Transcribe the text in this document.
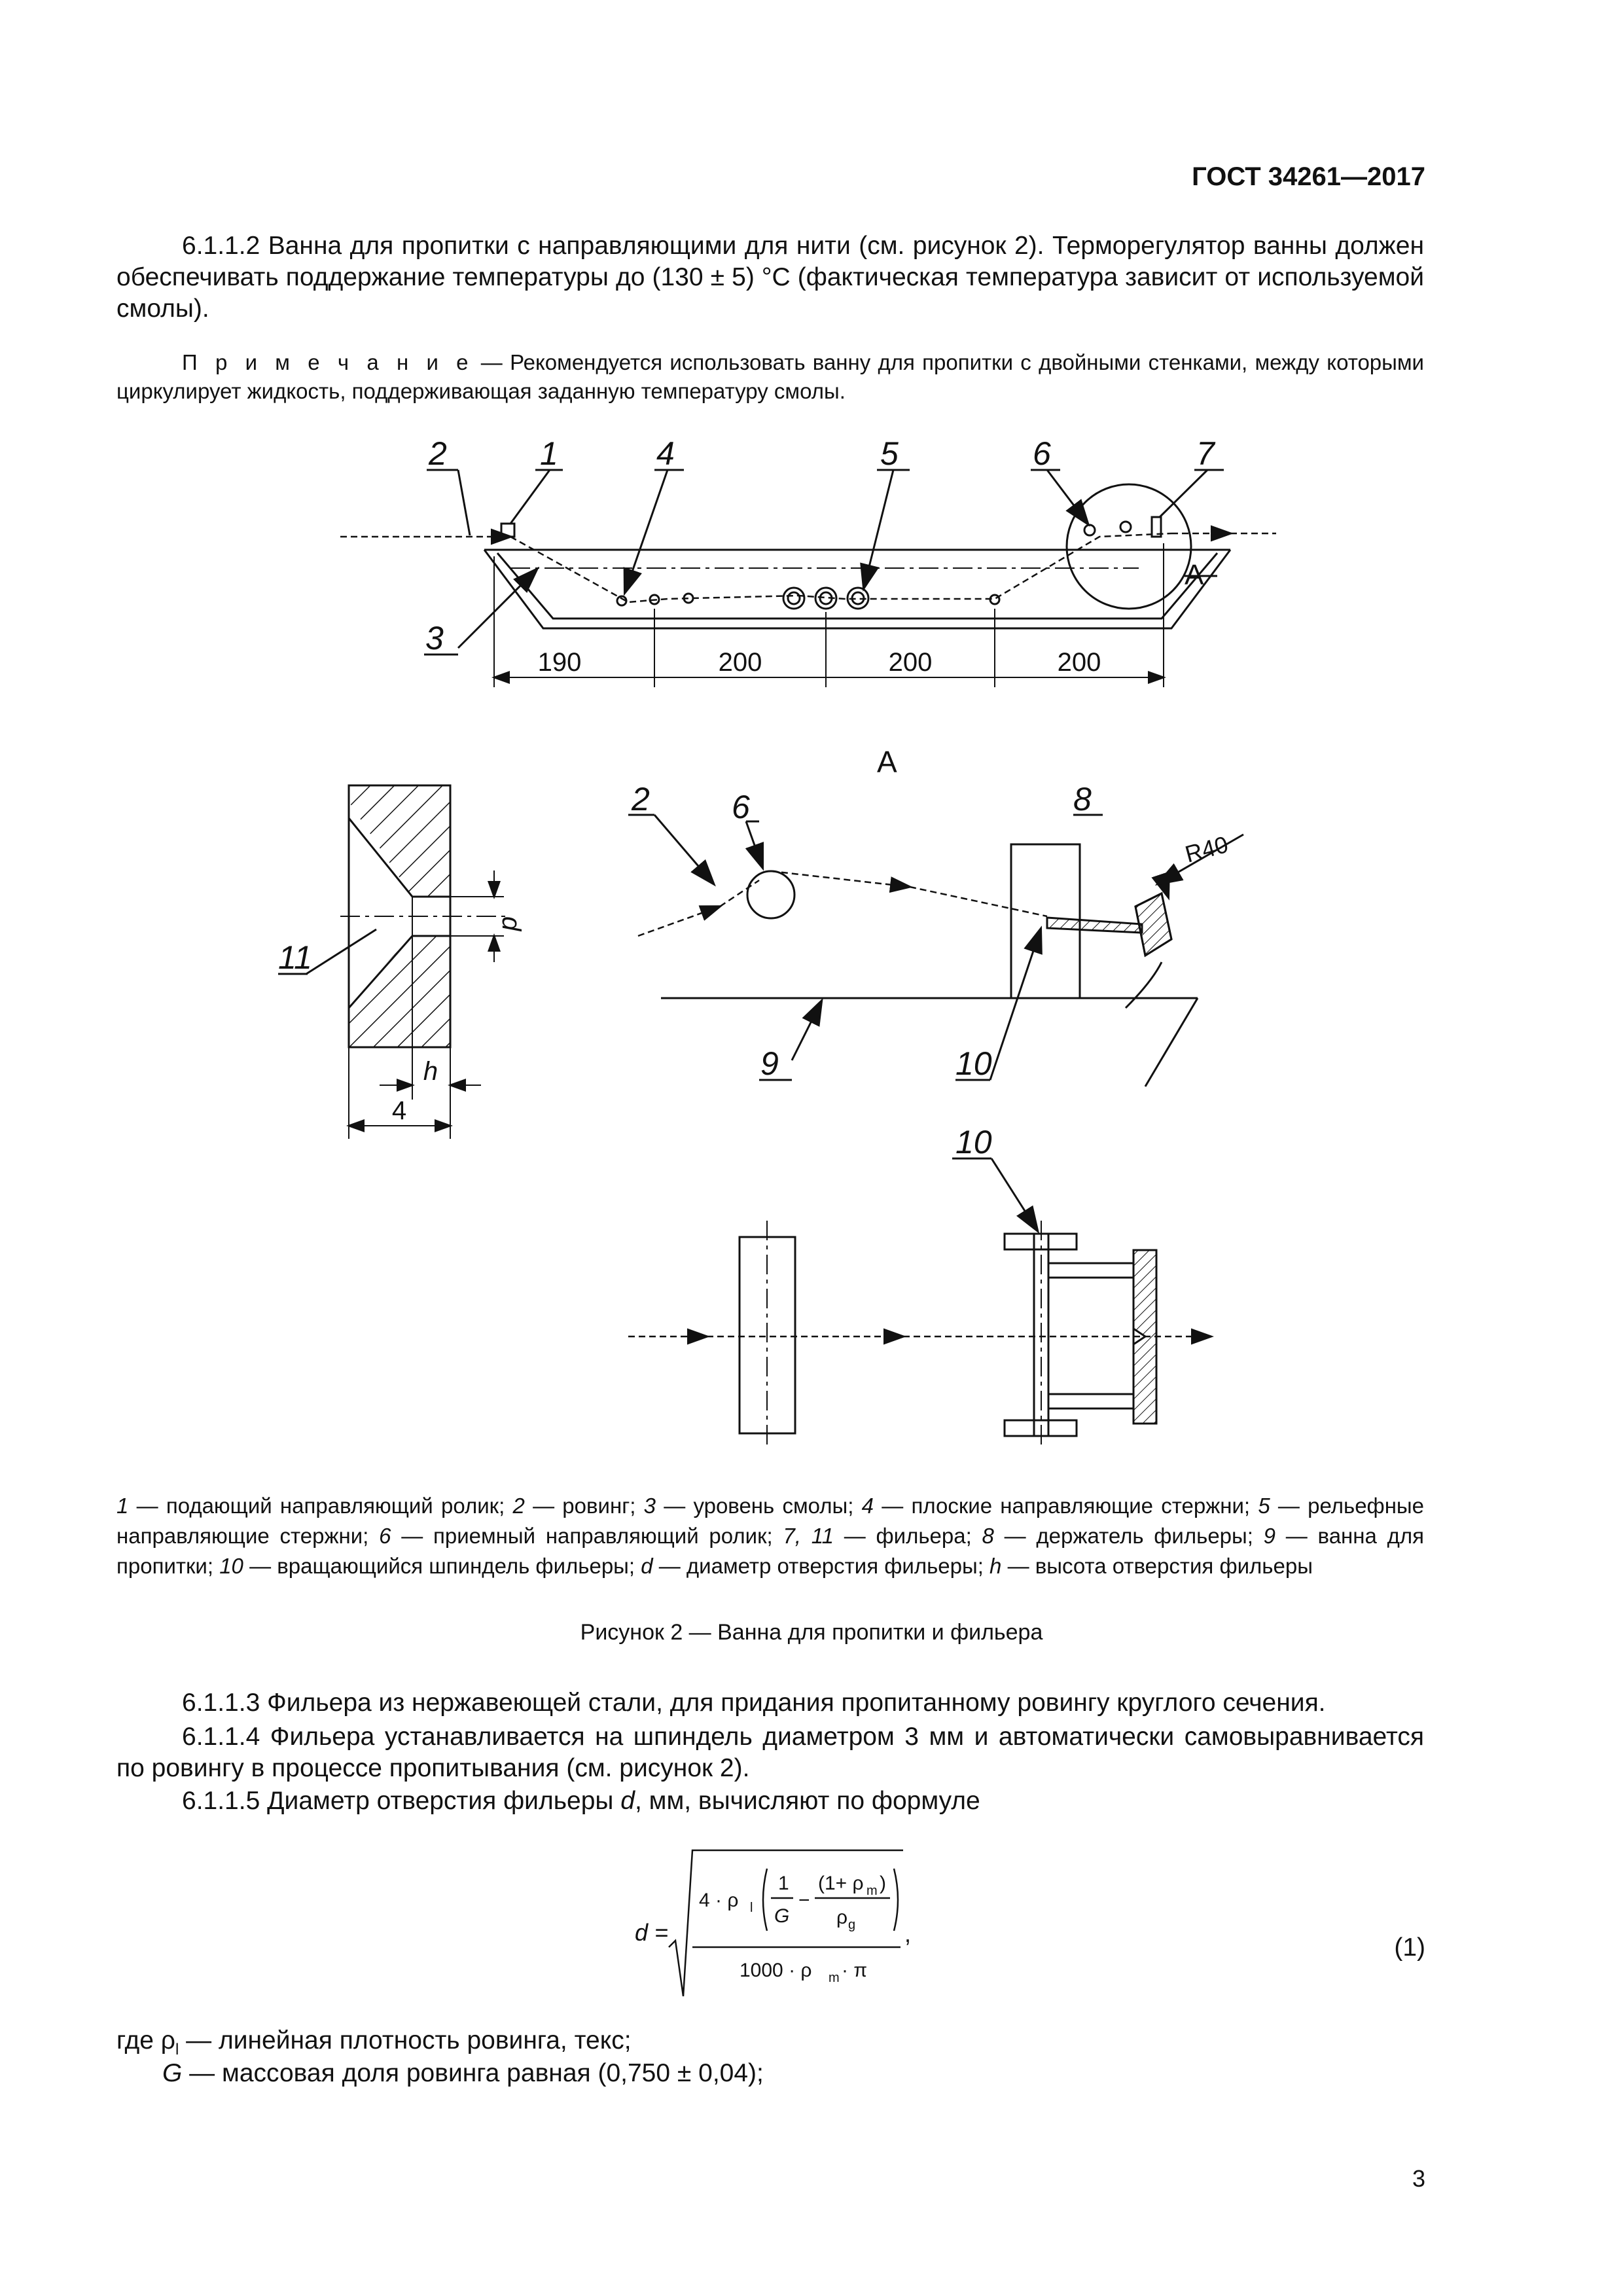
ГОСТ 34261—2017
6.1.1.2 Ванна для пропитки с направляющими для нити (см. рисунок 2). Терморегулятор ванны должен обеспечивать поддержание температуры до (130 ± 5) °С (фактическая температура зависит от используемой смолы).
П р и м е ч а н и е — Рекомендуется использовать ванну для пропитки с двойными стенками, между которыми циркулирует жидкость, поддерживающая заданную температуру смолы.
2	1	4	5	6	7
3
11
2	6	8
9	10
10
A
A
190	200	200	200
4
h
d
R40
1 — подающий направляющий ролик; 2 — ровинг; 3 — уровень смолы; 4 — плоские направляющие стержни; 5 — рельефные направляющие стержни; 6 — приемный направляющий ролик; 7, 11 — фильера; 8 — держатель фильеры; 9 — ванна для пропитки; 10 — вращающийся шпиндель фильеры; d — диаметр отверстия фильеры; h — высота отверстия фильеры
Рисунок 2 — Ванна для пропитки и фильера
6.1.1.3 Фильера из нержавеющей стали, для придания пропитанному ровингу круглого сечения.
6.1.1.4 Фильера устанавливается на шпиндель диаметром 3 мм и автоматически самовыравнивается по ровингу в процессе пропитывания (см. рисунок 2).
6.1.1.5 Диаметр отверстия фильеры d, мм, вычисляют по формуле
d =
4 · ρ l
1
G
−
(1+ ρ m )
ρ g
1000 · ρ m · π
,	(1)
где $\rho_l$ — линейная плотность ровинга, текс;
G — массовая доля ровинга равная (0,750 ± 0,04);
3
